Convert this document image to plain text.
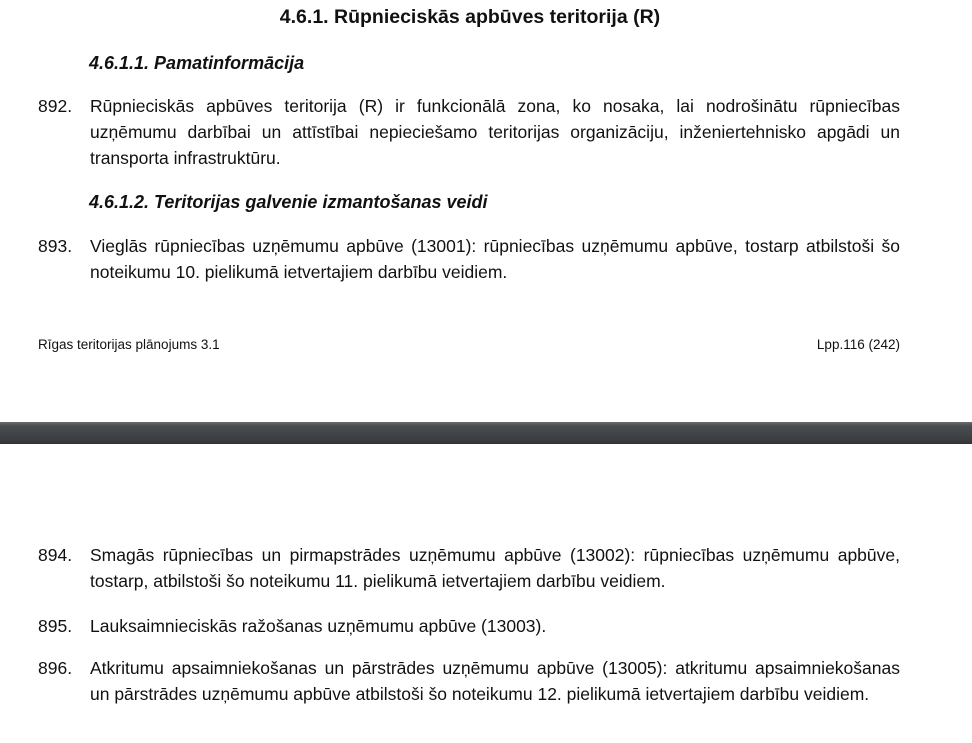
4.6.1. Rūpnieciskās apbūves teritorija (R)
4.6.1.1. Pamatinformācija
892. Rūpnieciskās apbūves teritorija (R) ir funkcionālā zona, ko nosaka, lai nodrošinātu rūpniecības uzņēmumu darbībai un attīstībai nepieciešamo teritorijas organizāciju, inženiertehnisko apgādi un transporta infrastruktūru.
4.6.1.2. Teritorijas galvenie izmantošanas veidi
893. Vieglās rūpniecības uzņēmumu apbūve (13001): rūpniecības uzņēmumu apbūve, tostarp atbilstoši šo noteikumu 10. pielikumā ietvertajiem darbību veidiem.
Rīgas teritorijas plānojums 3.1	Lpp.116 (242)
894. Smagās rūpniecības un pirmapstrādes uzņēmumu apbūve (13002): rūpniecības uzņēmumu apbūve, tostarp, atbilstoši šo noteikumu 11. pielikumā ietvertajiem darbību veidiem.
895. Lauksaimnieciskās ražošanas uzņēmumu apbūve (13003).
896. Atkritumu apsaimniekošanas un pārstrādes uzņēmumu apbūve (13005): atkritumu apsaimniekošanas un pārstrādes uzņēmumu apbūve atbilstoši šo noteikumu 12. pielikumā ietvertajiem darbību veidiem.
